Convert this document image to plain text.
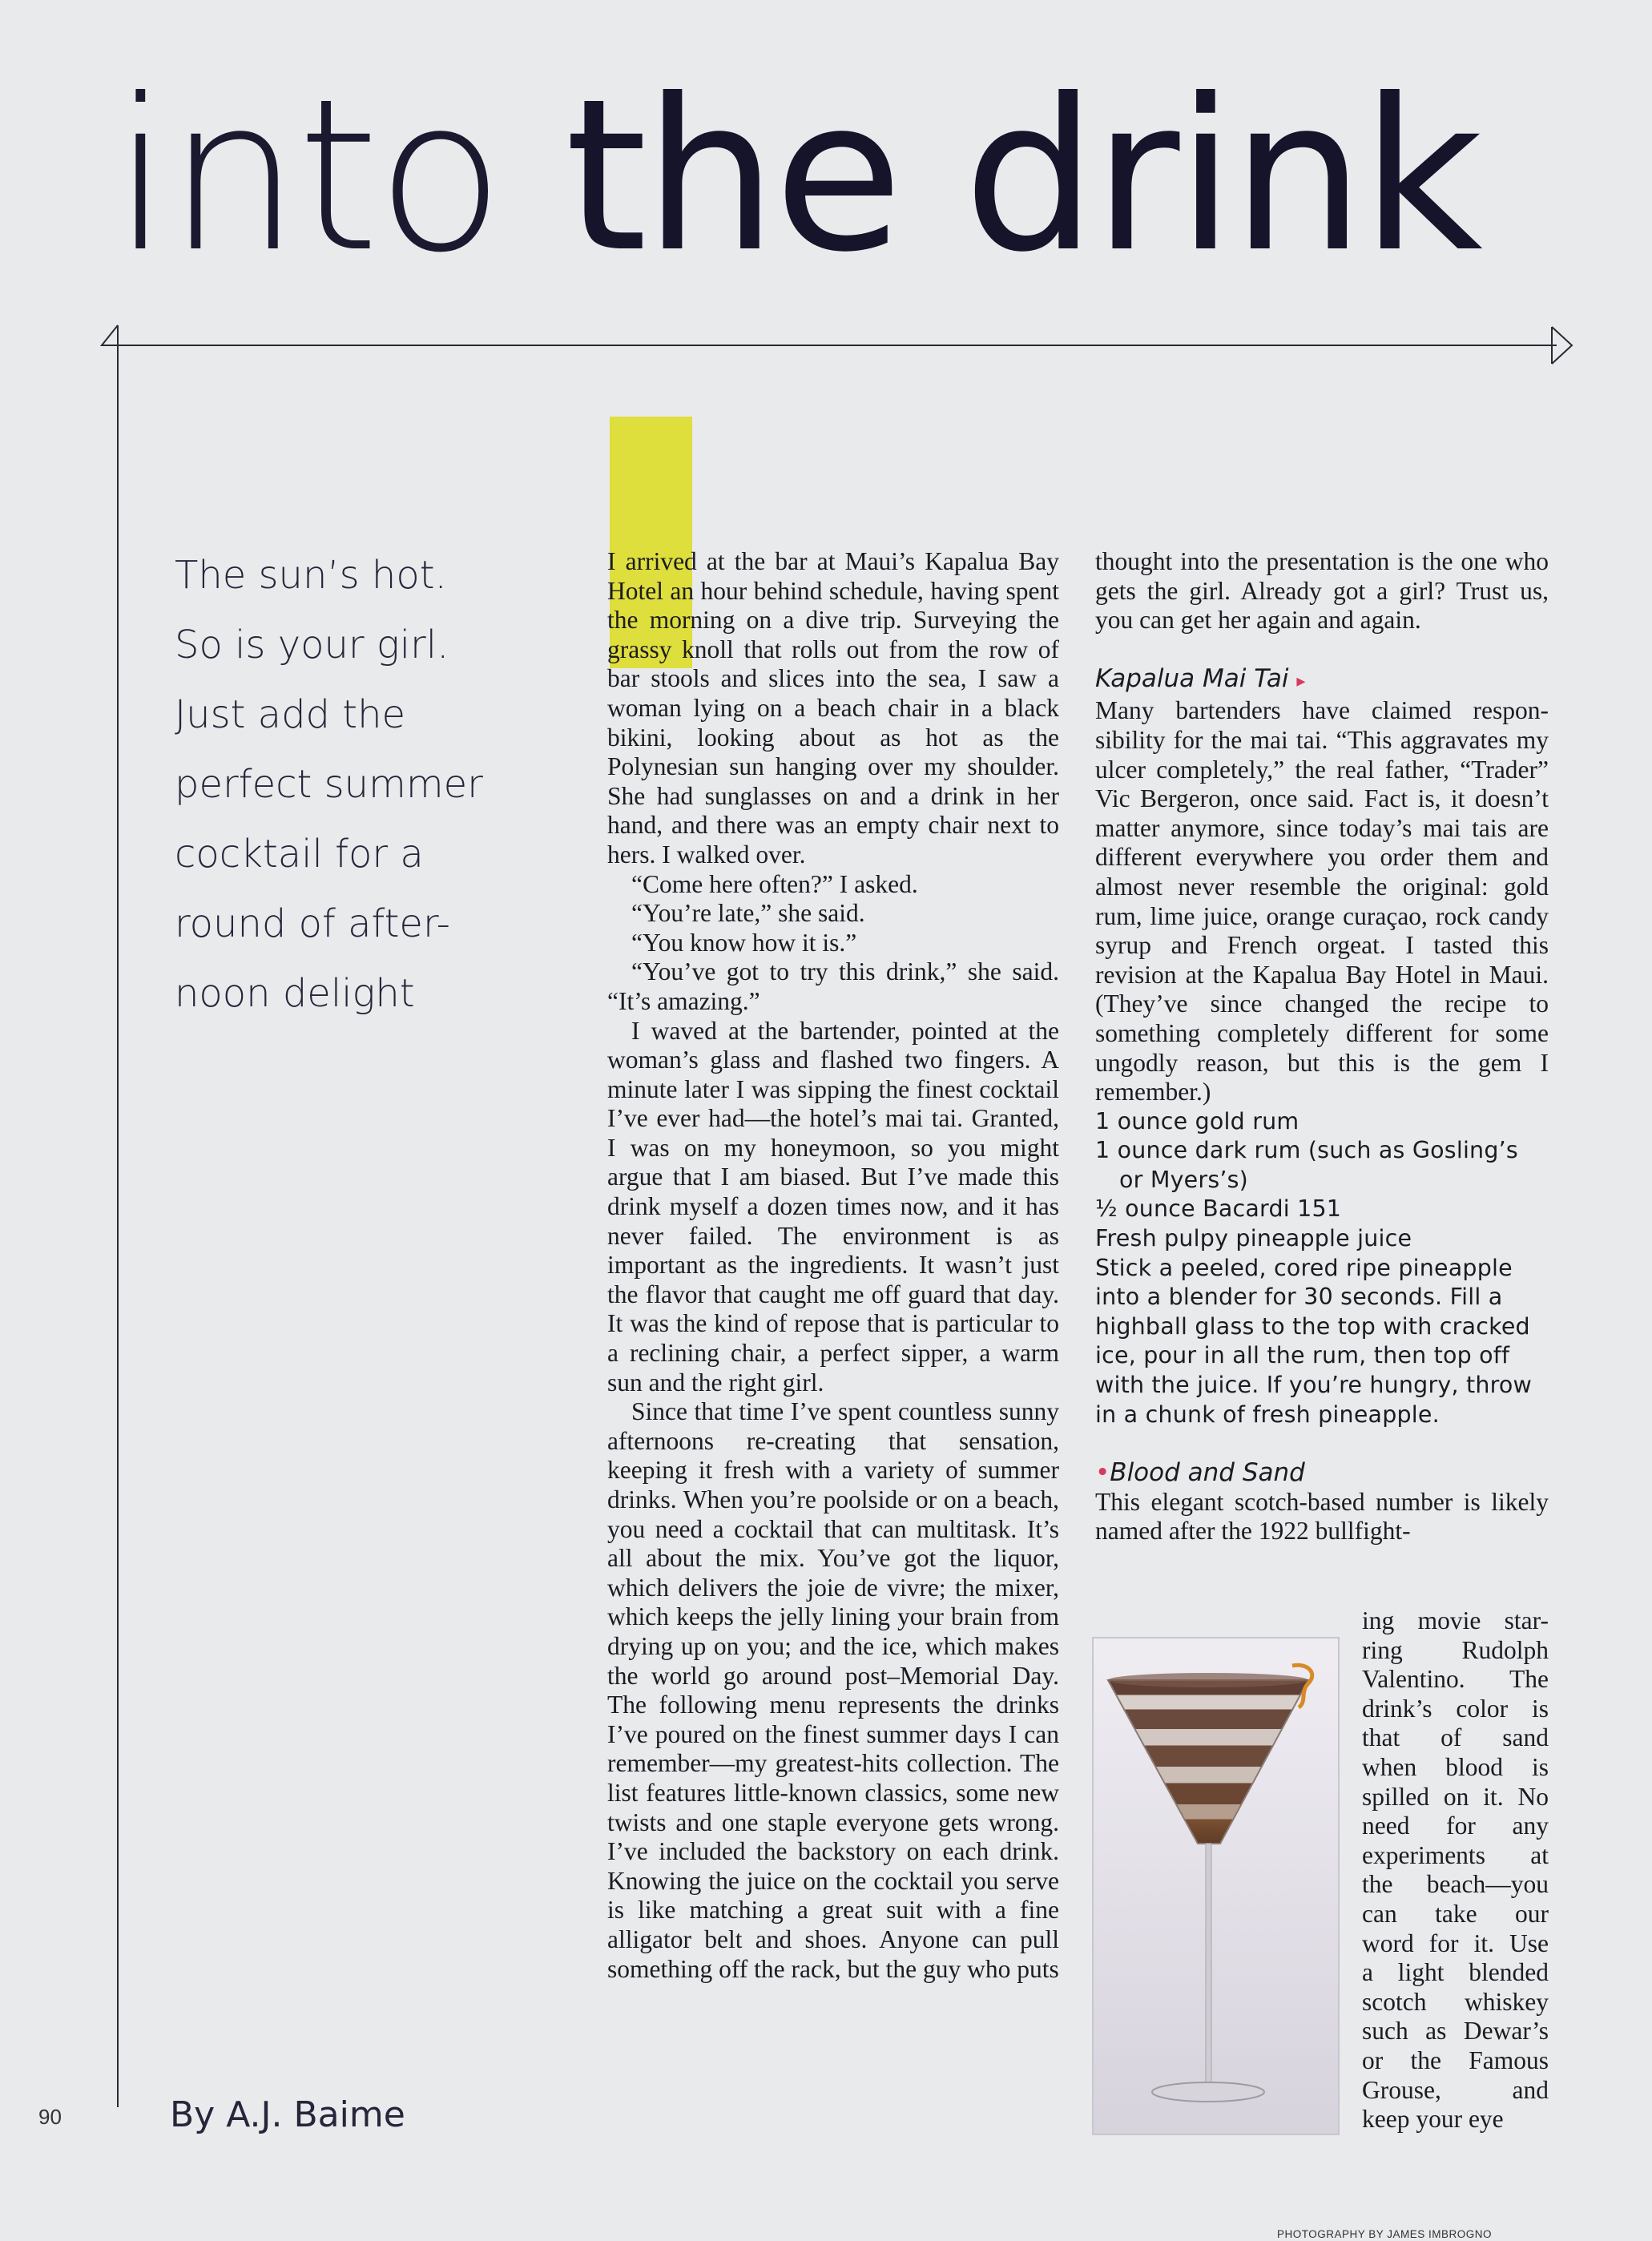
into the drink
The sun’s hot.
So is your girl.
Just add the
perfect summer
cocktail for a
round of after-
noon delight

I arrived at the bar at Maui’s Kapalua Bay Hotel an hour behind schedule, having spent the morning on a dive trip. Surveying the grassy knoll that rolls out from the row of bar stools and slices into the sea, I saw a woman lying on a beach chair in a black bikini, looking about as hot as the Polynesian sun hanging over my shoulder. She had sunglasses on and a drink in her hand, and there was an empty chair next to hers. I walked over.

“Come here often?” I asked.

“You’re late,” she said.

“You know how it is.”

“You’ve got to try this drink,” she said. “It’s amazing.”

I waved at the bartender, pointed at the woman’s glass and flashed two fingers. A minute later I was sipping the finest cocktail I’ve ever had—the hotel’s mai tai. Granted, I was on my honeymoon, so you might argue that I am biased. But I’ve made this drink myself a dozen times now, and it has never failed. The environment is as important as the ingredients. It wasn’t just the flavor that caught me off guard that day. It was the kind of repose that is particular to a reclining chair, a perfect sipper, a warm sun and the right girl.

Since that time I’ve spent countless sunny afternoons re-creating that sensation, keeping it fresh with a variety of summer drinks. When you’re poolside or on a beach, you need a cocktail that can multitask. It’s all about the mix. You’ve got the liquor, which delivers the joie de vivre; the mixer, which keeps the jelly lining your brain from drying up on you; and the ice, which makes the world go around post–Memorial Day. The following menu represents the drinks I’ve poured on the finest summer days I can remember—my greatest-hits collection. The list features little-known classics, some new twists and one staple everyone gets wrong. I’ve included the backstory on each drink. Knowing the juice on the cocktail you serve is like matching a great suit with a fine alligator belt and shoes. Anyone can pull something off the rack, but the guy who puts

thought into the presentation is the one who gets the girl. Already got a girl? Trust us, you can get her again and again.

Kapalua Mai Tai ▸

Many bartenders have claimed responsibility for the mai tai. “This aggravates my ulcer completely,” the real father, “Trader” Vic Bergeron, once said. Fact is, it doesn’t matter anymore, since today’s mai tais are different everywhere you order them and almost never resemble the original: gold rum, lime juice, orange curaçao, rock candy syrup and French orgeat. I tasted this revision at the Kapalua Bay Hotel in Maui. (They’ve since changed the recipe to something completely different for some ungodly reason, but this is the gem I remember.)

1 ounce gold rum

1 ounce dark rum (such as Gosling’s or Myers’s)

½ ounce Bacardi 151

Fresh pulpy pineapple juice

Stick a peeled, cored ripe pineapple into a blender for 30 seconds. Fill a highball glass to the top with cracked ice, pour in all the rum, then top off with the juice. If you’re hungry, throw in a chunk of fresh pineapple.

•Blood and Sand

This elegant scotch-based number is likely named after the 1922 bullfight-

ing movie star-
ring Rudolph
Valentino. The
drink’s color is
that of sand
when blood is
spilled on it. No
need for any
experiments at
the beach—you
can take our
word for it. Use
a light blended
scotch whiskey
such as Dewar’s
or the Famous
Grouse, and
keep your eye
90	By A.J. Baime
PHOTOGRAPHY BY JAMES IMBROGNO
